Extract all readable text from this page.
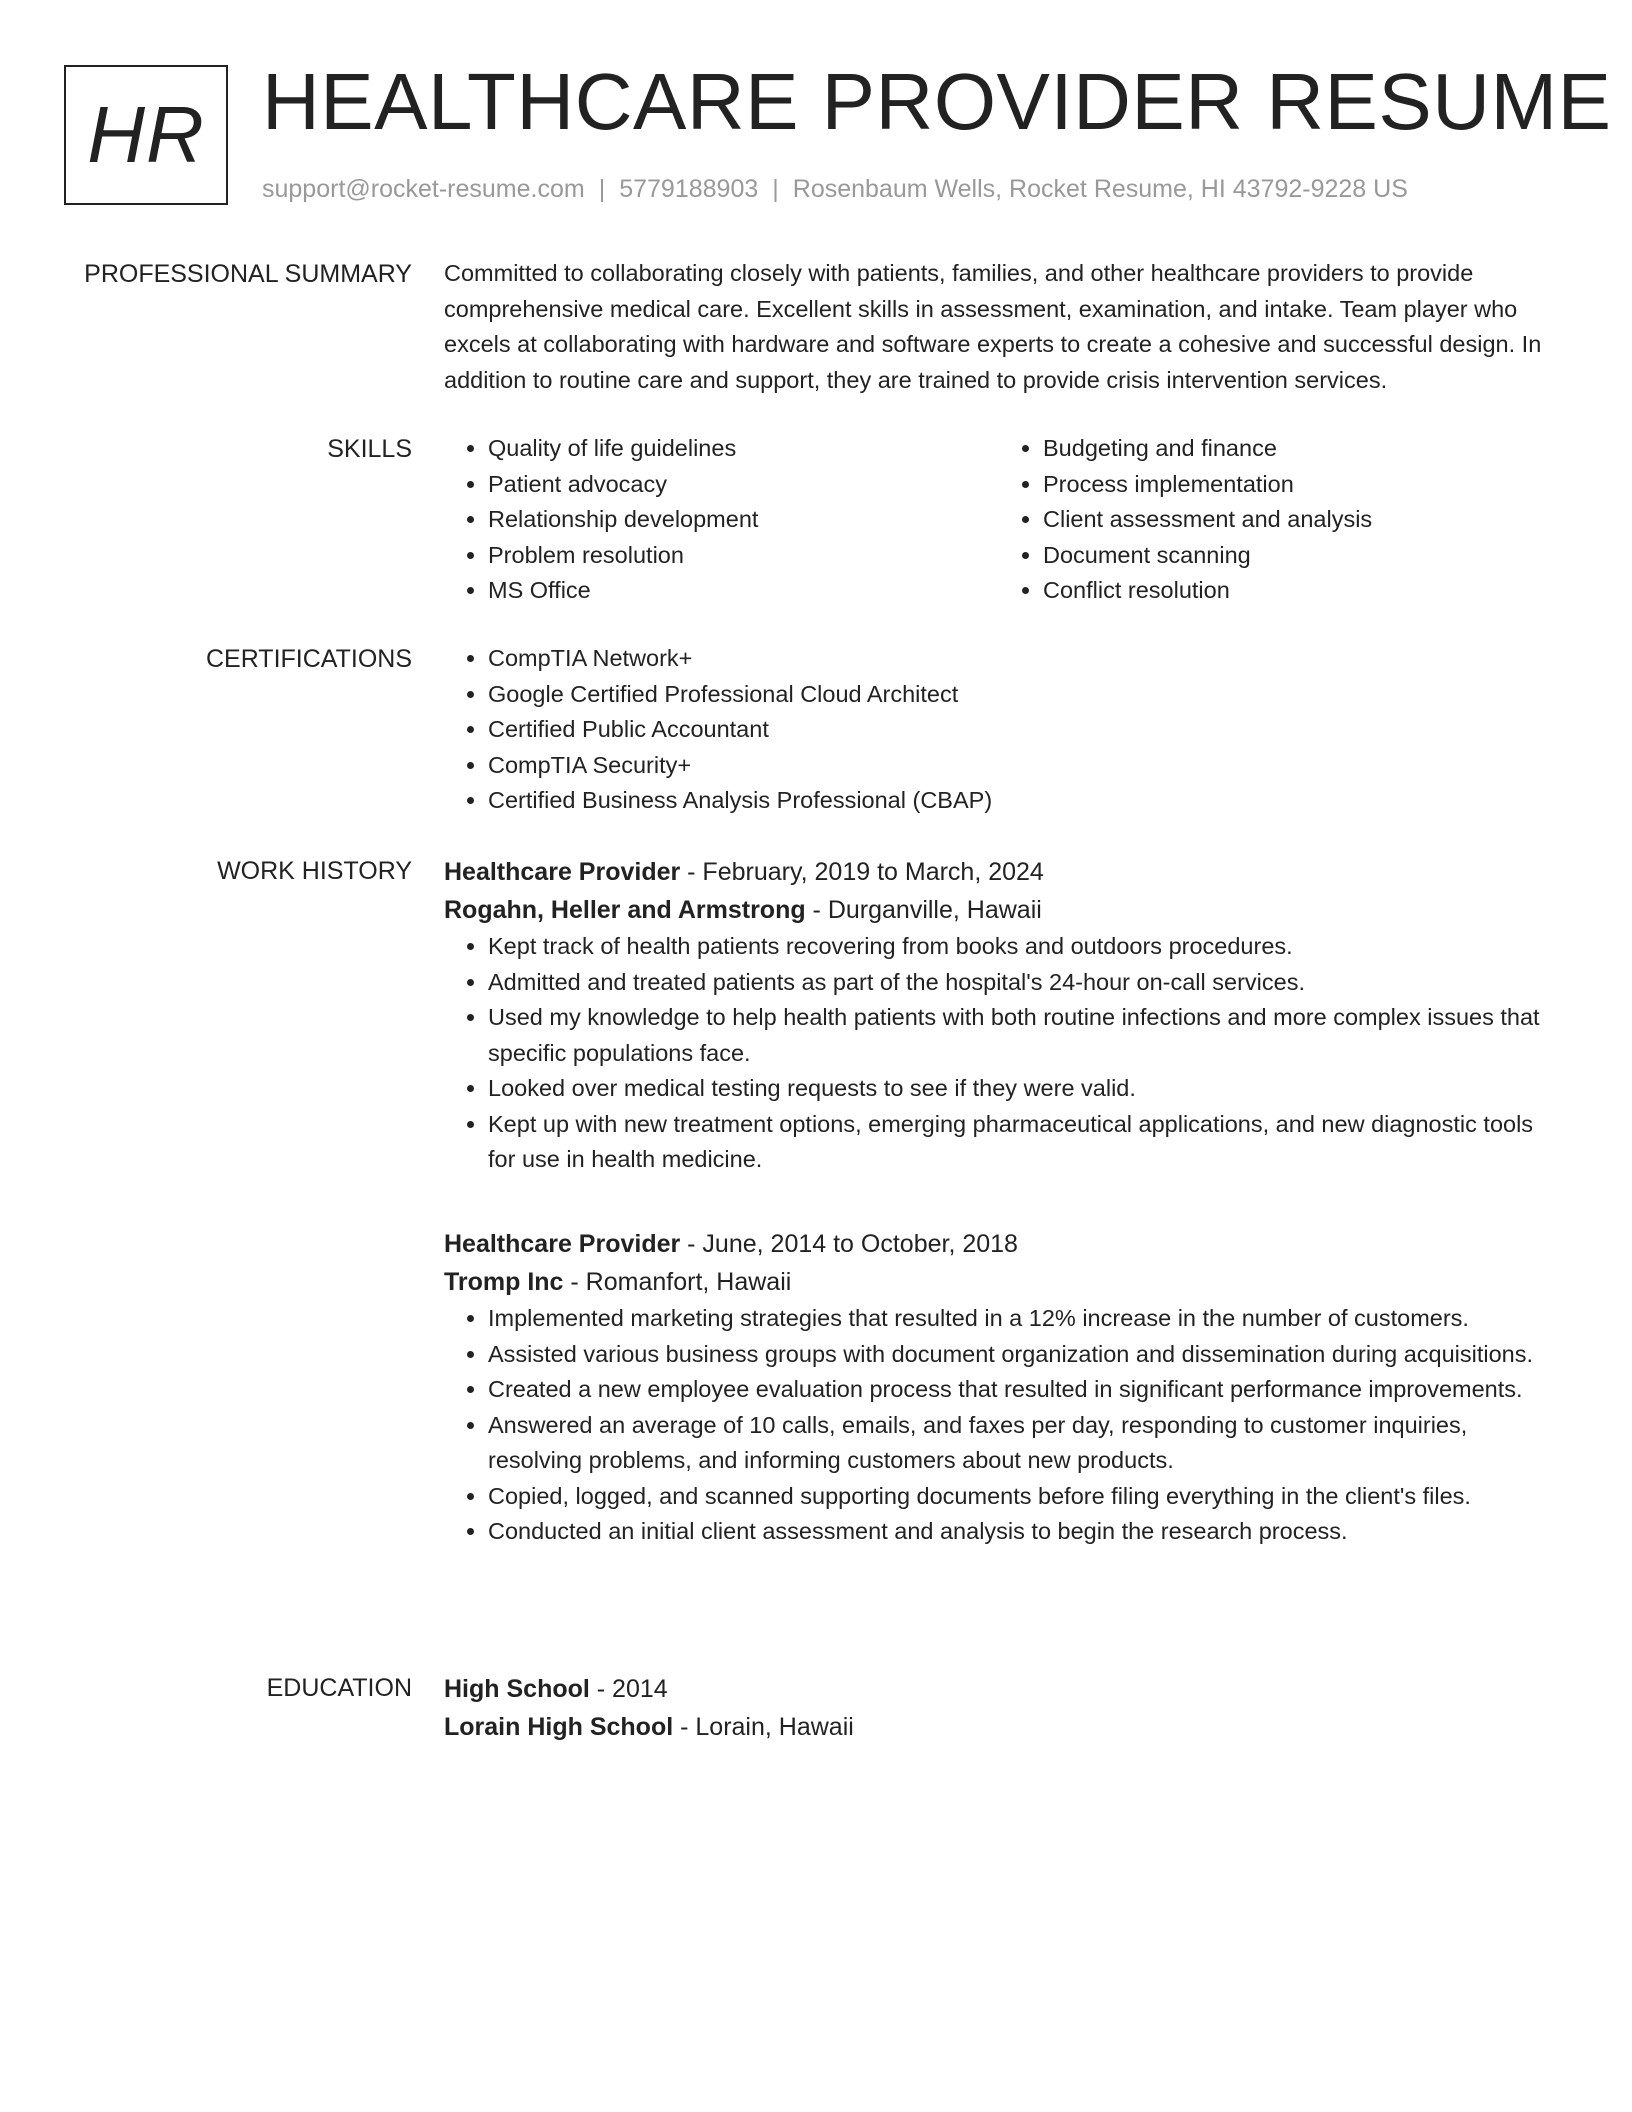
HR HEALTHCARE PROVIDER RESUME
support@rocket-resume.com | 5779188903 | Rosenbaum Wells, Rocket Resume, HI 43792-9228 US
PROFESSIONAL SUMMARY Committed to collaborating closely with patients, families, and other healthcare providers to provide comprehensive medical care. Excellent skills in assessment, examination, and intake. Team player who excels at collaborating with hardware and software experts to create a cohesive and successful design. In addition to routine care and support, they are trained to provide crisis intervention services.

SKILLS	• Quality of life guidelines
• Patient advocacy
• Relationship development
• Problem resolution
• MS Office
• Budgeting and finance
• Process implementation
• Client assessment and analysis
• Document scanning
• Conflict resolution
CERTIFICATIONS	• CompTIA Network+
• Google Certified Professional Cloud Architect
• Certified Public Accountant
• CompTIA Security+
• Certified Business Analysis Professional (CBAP)
WORK HISTORY Healthcare Provider - February, 2019 to March, 2024

Rogahn, Heller and Armstrong - Durganville, Hawaii

• Kept track of health patients recovering from books and outdoors procedures.
• Admitted and treated patients as part of the hospital's 24-hour on-call services.
• Used my knowledge to help health patients with both routine infections and more complex issues that specific populations face.
• Looked over medical testing requests to see if they were valid.
• Kept up with new treatment options, emerging pharmaceutical applications, and new diagnostic tools for use in health medicine.

Healthcare Provider - June, 2014 to October, 2018

Tromp Inc - Romanfort, Hawaii

• Implemented marketing strategies that resulted in a 12% increase in the number of customers.
• Assisted various business groups with document organization and dissemination during acquisitions.
• Created a new employee evaluation process that resulted in significant performance improvements.
• Answered an average of 10 calls, emails, and faxes per day, responding to customer inquiries, resolving problems, and informing customers about new products.
• Copied, logged, and scanned supporting documents before filing everything in the client's files.
• Conducted an initial client assessment and analysis to begin the research process.
EDUCATION High School - 2014

Lorain High School - Lorain, Hawaii
